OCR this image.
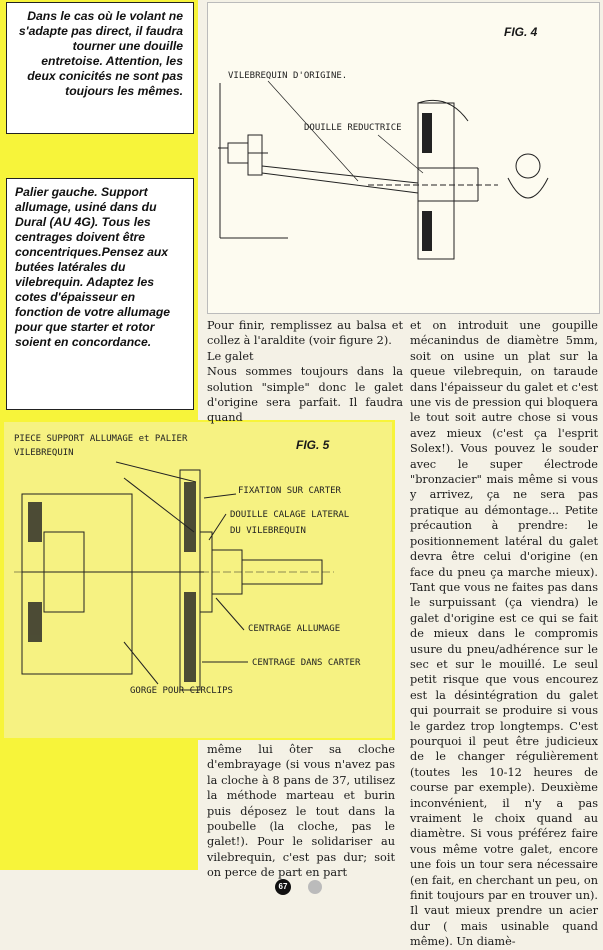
Dans le cas où le volant ne s'adapte pas direct, il faudra tourner une douille entretoise. Attention, les deux conicités ne sont pas toujours les mêmes.
Palier gauche. Support allumage, usiné dans du Dural (AU 4G). Tous les centrages doivent être concentriques.Pensez aux butées latérales du vilebrequin. Adaptez les cotes d'épaisseur en fonction de votre allumage pour que starter et rotor soient en concordance.
FIG. 4
VILEBREQUIN D'ORIGINE.
DOUILLE REDUCTRICE
FIG. 5
PIECE SUPPORT ALLUMAGE et PALIER
VILEBREQUIN
FIXATION SUR CARTER
DOUILLE CALAGE LATERAL
DU VILEBREQUIN
CENTRAGE ALLUMAGE
CENTRAGE DANS CARTER
GORGE POUR CIRCLIPS

Pour finir, remplissez au balsa et collez à l'araldite (voir figure 2).

Le galet

Nous sommes toujours dans la solution "simple" donc le galet d'origine sera parfait. Il faudra quand

même lui ôter sa cloche d'embrayage (si vous n'avez pas la cloche à 8 pans de 37, utilisez la méthode marteau et burin puis déposez le tout dans la poubelle (la cloche, pas le galet!). Pour le solidariser au vilebrequin, c'est pas dur; soit on perce de part en part

et on introduit une goupille mécanindus de diamètre 5mm, soit on usine un plat sur la queue vilebrequin, on taraude dans l'épaisseur du galet et c'est une vis de pression qui bloquera le tout soit autre chose si vous avez mieux (c'est ça l'esprit Solex!). Vous pouvez le souder avec le super électrode "bronzacier" mais même si vous y arrivez, ça ne sera pas pratique au démontage... Petite précaution à prendre: le positionnement latéral du galet devra être celui d'origine (en face du pneu ça marche mieux). Tant que vous ne faites pas dans le surpuissant (ça viendra) le galet d'origine est ce qui se fait de mieux dans le compromis usure du pneu/adhérence sur le sec et sur le mouillé. Le seul petit risque que vous encourez est la désintégration du galet qui pourrait se produire si vous le gardez trop longtemps. C'est pourquoi il peut être judicieux de le changer régulièrement (toutes les 10-12 heures de course par exemple). Deuxième inconvénient, il n'y a pas vraiment le choix quand au diamètre. Si vous préférez faire vous même votre galet, encore une fois un tour sera nécessaire (en fait, en cherchant un peu, on finit toujours par en trouver un). Il vaut mieux prendre un acier dur ( mais usinable quand même). Un diamè-

67
